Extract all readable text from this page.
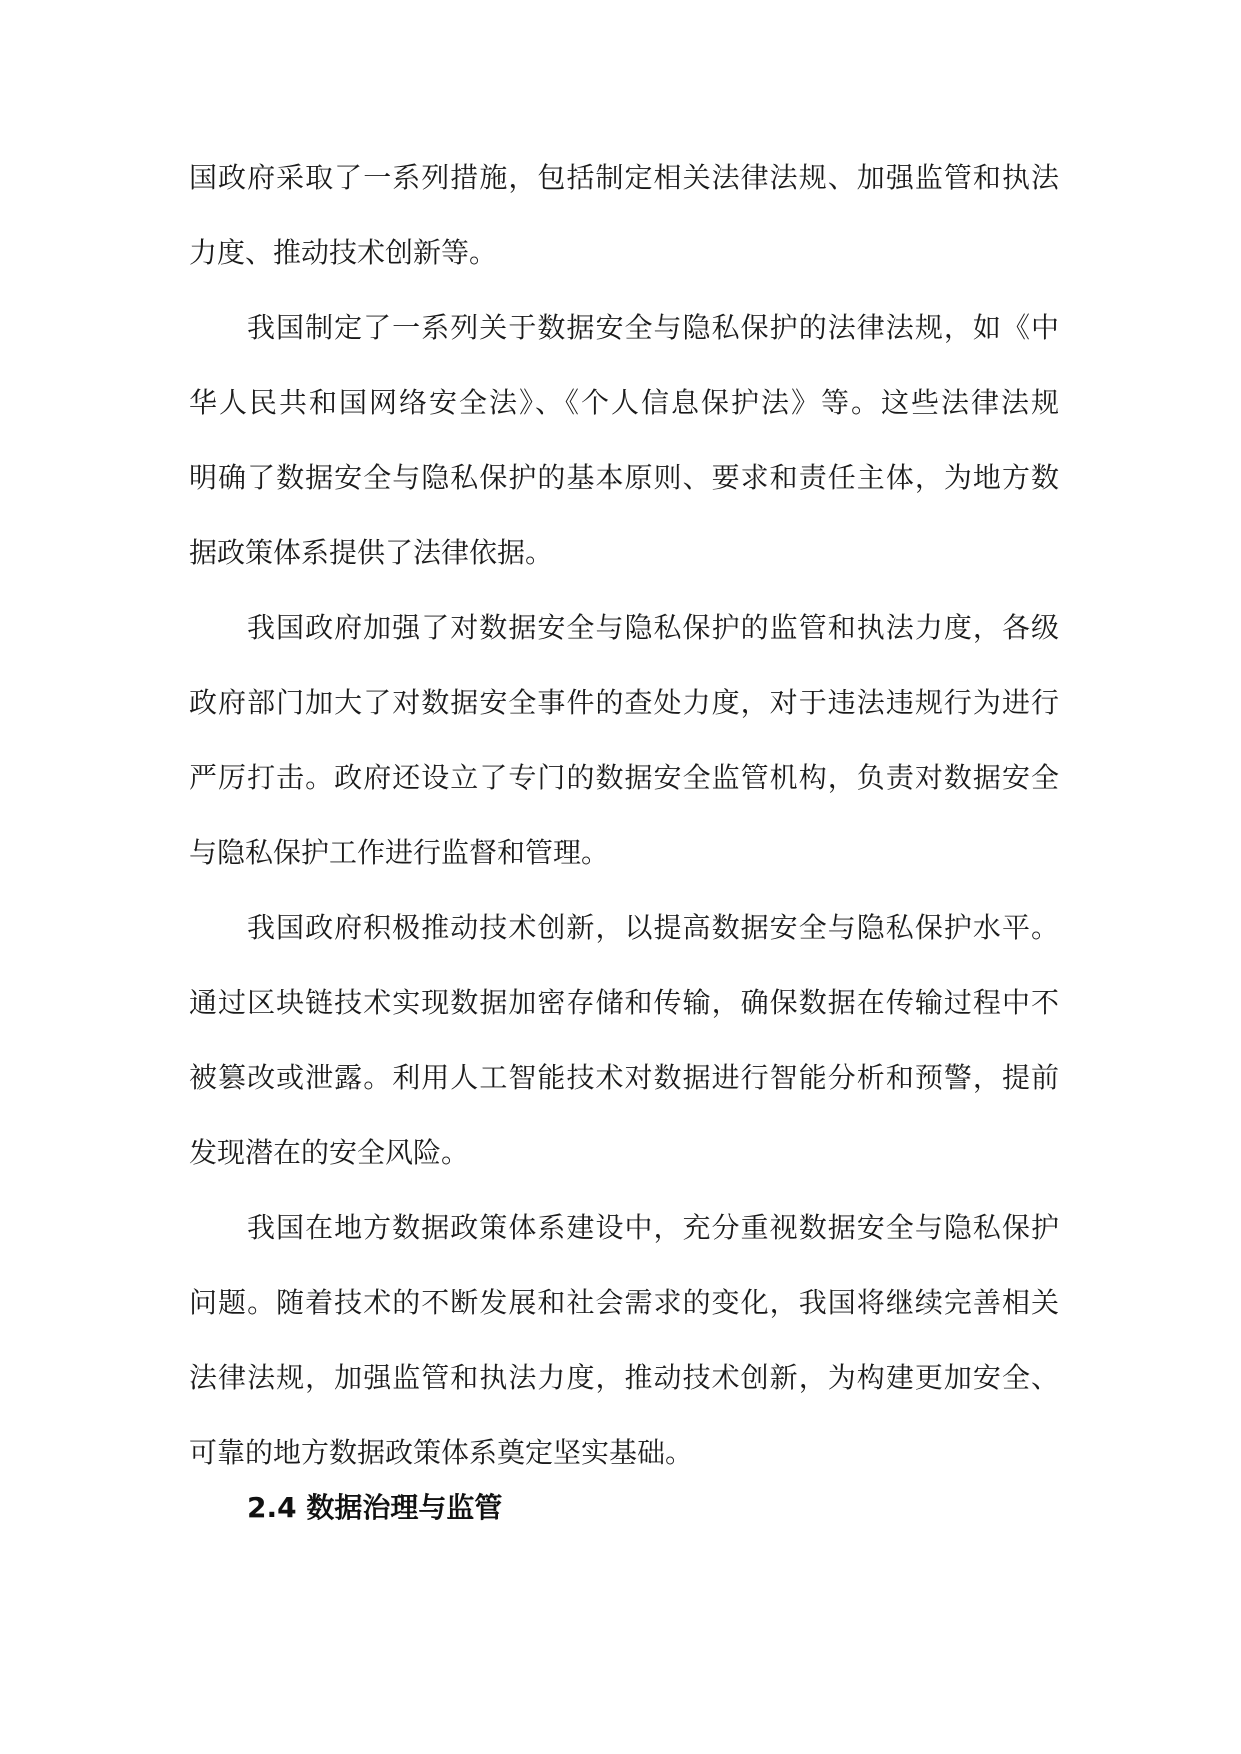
国政府采取了一系列措施，包括制定相关法律法规、加强监管和执法
力度、推动技术创新等。
我国制定了一系列关于数据安全与隐私保护的法律法规，如《中
华人民共和国网络安全法》、《个人信息保护法》等。这些法律法规
明确了数据安全与隐私保护的基本原则、要求和责任主体，为地方数
据政策体系提供了法律依据。
我国政府加强了对数据安全与隐私保护的监管和执法力度，各级
政府部门加大了对数据安全事件的查处力度，对于违法违规行为进行
严厉打击。政府还设立了专门的数据安全监管机构，负责对数据安全
与隐私保护工作进行监督和管理。
我国政府积极推动技术创新，以提高数据安全与隐私保护水平。
通过区块链技术实现数据加密存储和传输，确保数据在传输过程中不
被篡改或泄露。利用人工智能技术对数据进行智能分析和预警，提前
发现潜在的安全风险。
我国在地方数据政策体系建设中，充分重视数据安全与隐私保护
问题。随着技术的不断发展和社会需求的变化，我国将继续完善相关
法律法规，加强监管和执法力度，推动技术创新，为构建更加安全、
可靠的地方数据政策体系奠定坚实基础。
2.4 数据治理与监管
